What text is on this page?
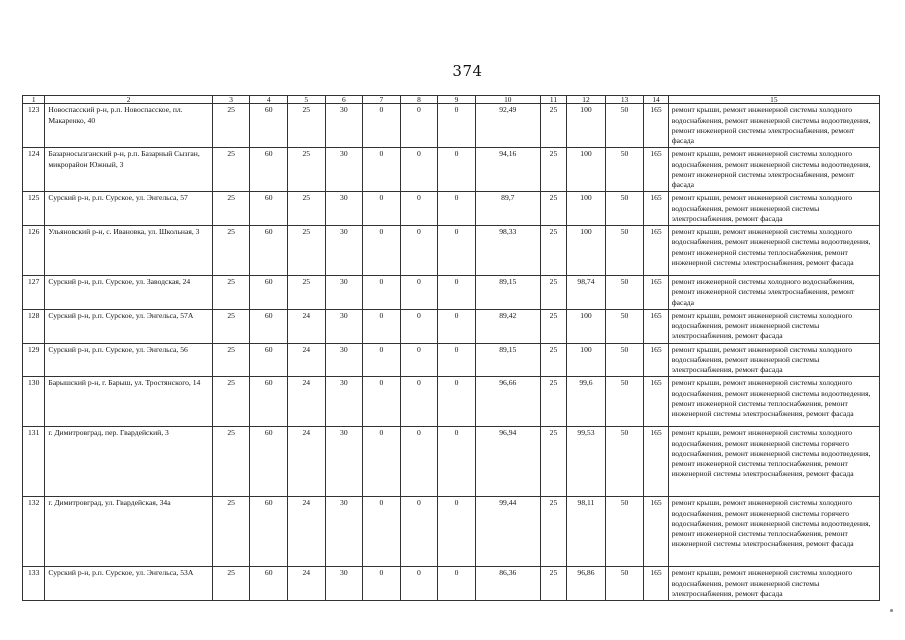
374
1	2	3	4	5	6	7	8	9	10	11	12	13	14	15
123	Новоспасский р-н, р.п. Новоспасское, пл. Макаренко, 40	25	60	25	30	0	0	0	92,49	25	100	50	165	ремонт крыши, ремонт инженерной системы холодного водоснабжения, ремонт инженерной системы водоотведения, ремонт инженерной системы электроснабжения, ремонт фасада
124	Базарносызганский р-н, р.п. Базарный Сызган, микрорайон Южный, 3	25	60	25	30	0	0	0	94,16	25	100	50	165	ремонт крыши, ремонт инженерной системы холодного водоснабжения, ремонт инженерной системы водоотведения, ремонт инженерной системы электроснабжения, ремонт фасада
125	Сурский р-н, р.п. Сурское, ул. Энгельса, 57	25	60	25	30	0	0	0	89,7	25	100	50	165	ремонт крыши, ремонт инженерной системы холодного водоснабжения, ремонт инженерной системы электроснабжения, ремонт фасада
126	Ульяновский р-н, с. Ивановка, ул. Школьная, 3	25	60	25	30	0	0	0	98,33	25	100	50	165	ремонт крыши, ремонт инженерной системы холодного водоснабжения, ремонт инженерной системы водоотведения, ремонт инженерной системы теплоснабжения, ремонт инженерной системы электроснабжения, ремонт фасада
127	Сурский р-н, р.п. Сурское, ул. Заводская, 24	25	60	25	30	0	0	0	89,15	25	98,74	50	165	ремонт инженерной системы холодного водоснабжения, ремонт инженерной системы электроснабжения, ремонт фасада
128	Сурский р-н, р.п. Сурское, ул. Энгельса, 57А	25	60	24	30	0	0	0	89,42	25	100	50	165	ремонт крыши, ремонт инженерной системы холодного водоснабжения, ремонт инженерной системы электроснабжения, ремонт фасада
129	Сурский р-н, р.п. Сурское, ул. Энгельса, 56	25	60	24	30	0	0	0	89,15	25	100	50	165	ремонт крыши, ремонт инженерной системы холодного водоснабжения, ремонт инженерной системы электроснабжения, ремонт фасада
130	Барышский р-н, г. Барыш, ул. Тростянского, 14	25	60	24	30	0	0	0	96,66	25	99,6	50	165	ремонт крыши, ремонт инженерной системы холодного водоснабжения, ремонт инженерной системы водоотведения, ремонт инженерной системы теплоснабжения, ремонт инженерной системы электроснабжения, ремонт фасада
131	г. Димитровград, пер. Гвардейский, 3	25	60	24	30	0	0	0	96,94	25	99,53	50	165	ремонт крыши, ремонт инженерной системы холодного водоснабжения, ремонт инженерной системы горячего водоснабжения, ремонт инженерной системы водоотведения, ремонт инженерной системы теплоснабжения, ремонт инженерной системы электроснабжения, ремонт фасада
132	г. Димитровград, ул. Гвардейская, 34а	25	60	24	30	0	0	0	99,44	25	98,11	50	165	ремонт крыши, ремонт инженерной системы холодного водоснабжения, ремонт инженерной системы горячего водоснабжения, ремонт инженерной системы водоотведения, ремонт инженерной системы теплоснабжения, ремонт инженерной системы электроснабжения, ремонт фасада
133	Сурский р-н, р.п. Сурское, ул. Энгельса, 53А	25	60	24	30	0	0	0	86,36	25	96,86	50	165	ремонт крыши, ремонт инженерной системы холодного водоснабжения, ремонт инженерной системы электроснабжения, ремонт фасада
